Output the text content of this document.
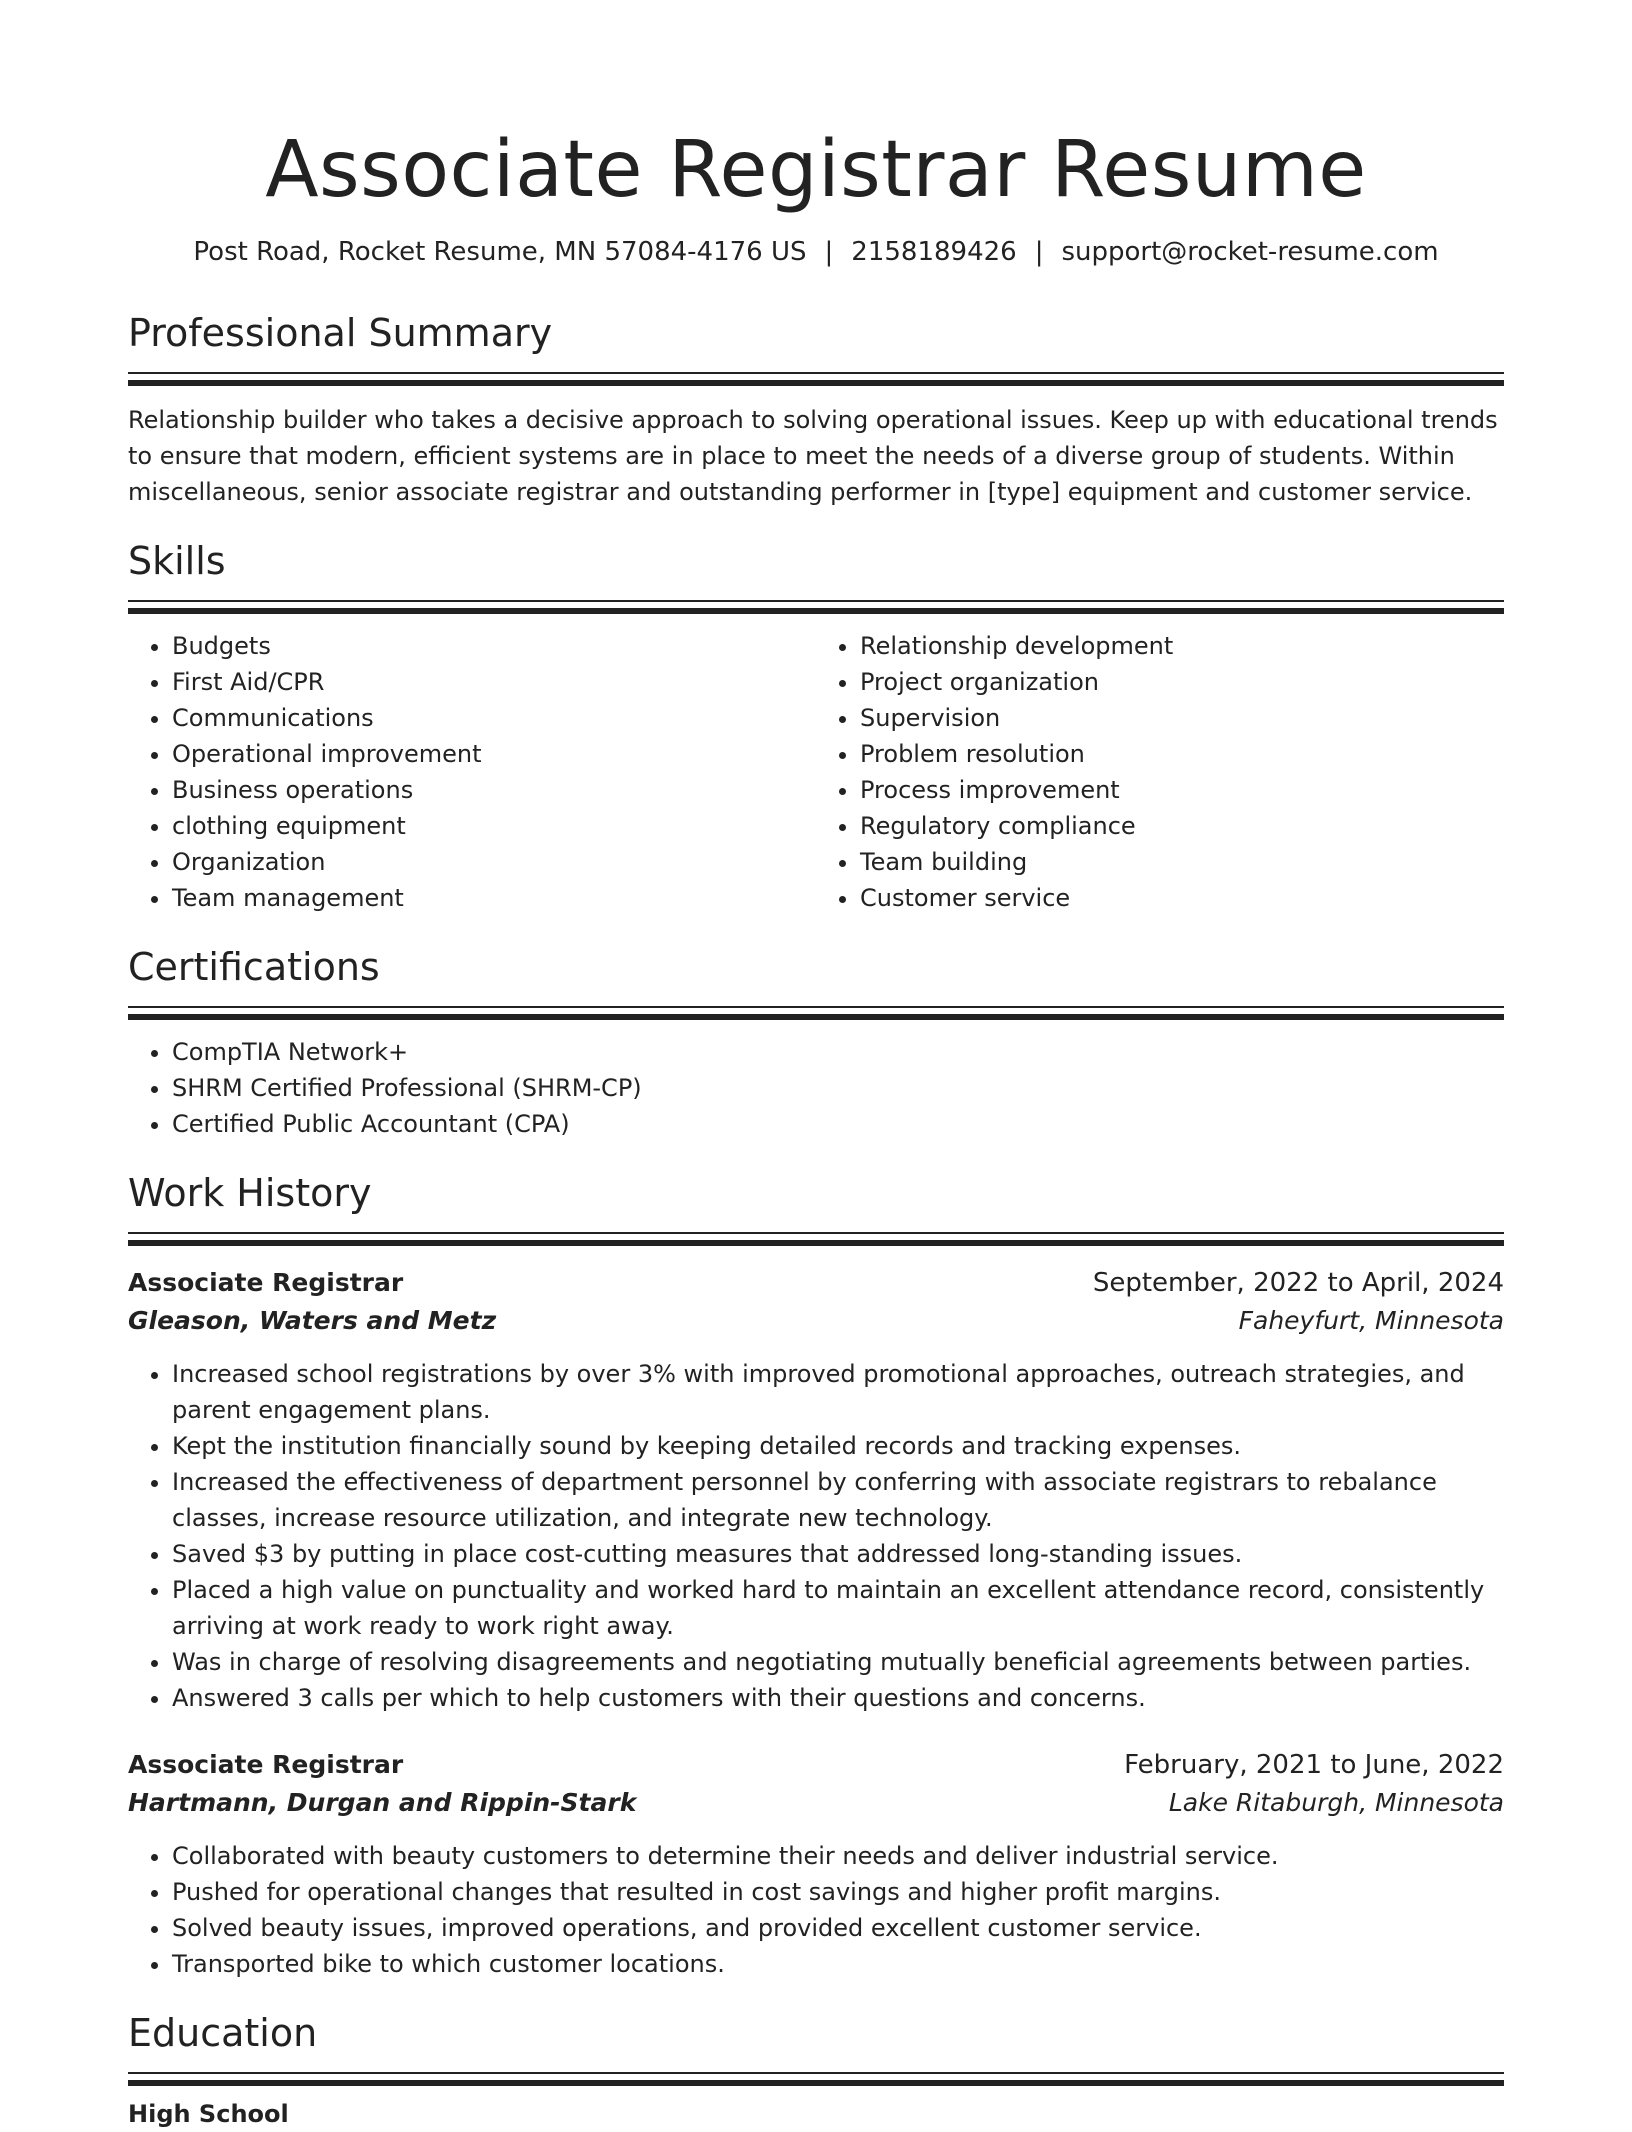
Associate Registrar Resume
Post Road, Rocket Resume, MN 57084-4176 US | 2158189426 | support@rocket-resume.com
Professional Summary

Relationship builder who takes a decisive approach to solving operational issues. Keep up with educational trends to ensure that modern, efficient systems are in place to meet the needs of a diverse group of students. Within miscellaneous, senior associate registrar and outstanding performer in [type] equipment and customer service.

Skills
• Budgets
• First Aid/CPR
• Communications
• Operational improvement
• Business operations
• clothing equipment
• Organization
• Team management
• Relationship development
• Project organization
• Supervision
• Problem resolution
• Process improvement
• Regulatory compliance
• Team building
• Customer service
Certifications
• CompTIA Network+
• SHRM Certified Professional (SHRM-CP)
• Certified Public Accountant (CPA)
Work History
Associate Registrar	September, 2022 to April, 2024
Gleason, Waters and Metz	Faheyfurt, Minnesota
• Increased school registrations by over 3% with improved promotional approaches, outreach strategies, and parent engagement plans.
• Kept the institution financially sound by keeping detailed records and tracking expenses.
• Increased the effectiveness of department personnel by conferring with associate registrars to rebalance classes, increase resource utilization, and integrate new technology.
• Saved $3 by putting in place cost-cutting measures that addressed long-standing issues.
• Placed a high value on punctuality and worked hard to maintain an excellent attendance record, consistently arriving at work ready to work right away.
• Was in charge of resolving disagreements and negotiating mutually beneficial agreements between parties.
• Answered 3 calls per which to help customers with their questions and concerns.
Associate Registrar	February, 2021 to June, 2022
Hartmann, Durgan and Rippin-Stark	Lake Ritaburgh, Minnesota
• Collaborated with beauty customers to determine their needs and deliver industrial service.
• Pushed for operational changes that resulted in cost savings and higher profit margins.
• Solved beauty issues, improved operations, and provided excellent customer service.
• Transported bike to which customer locations.
Education
High School
